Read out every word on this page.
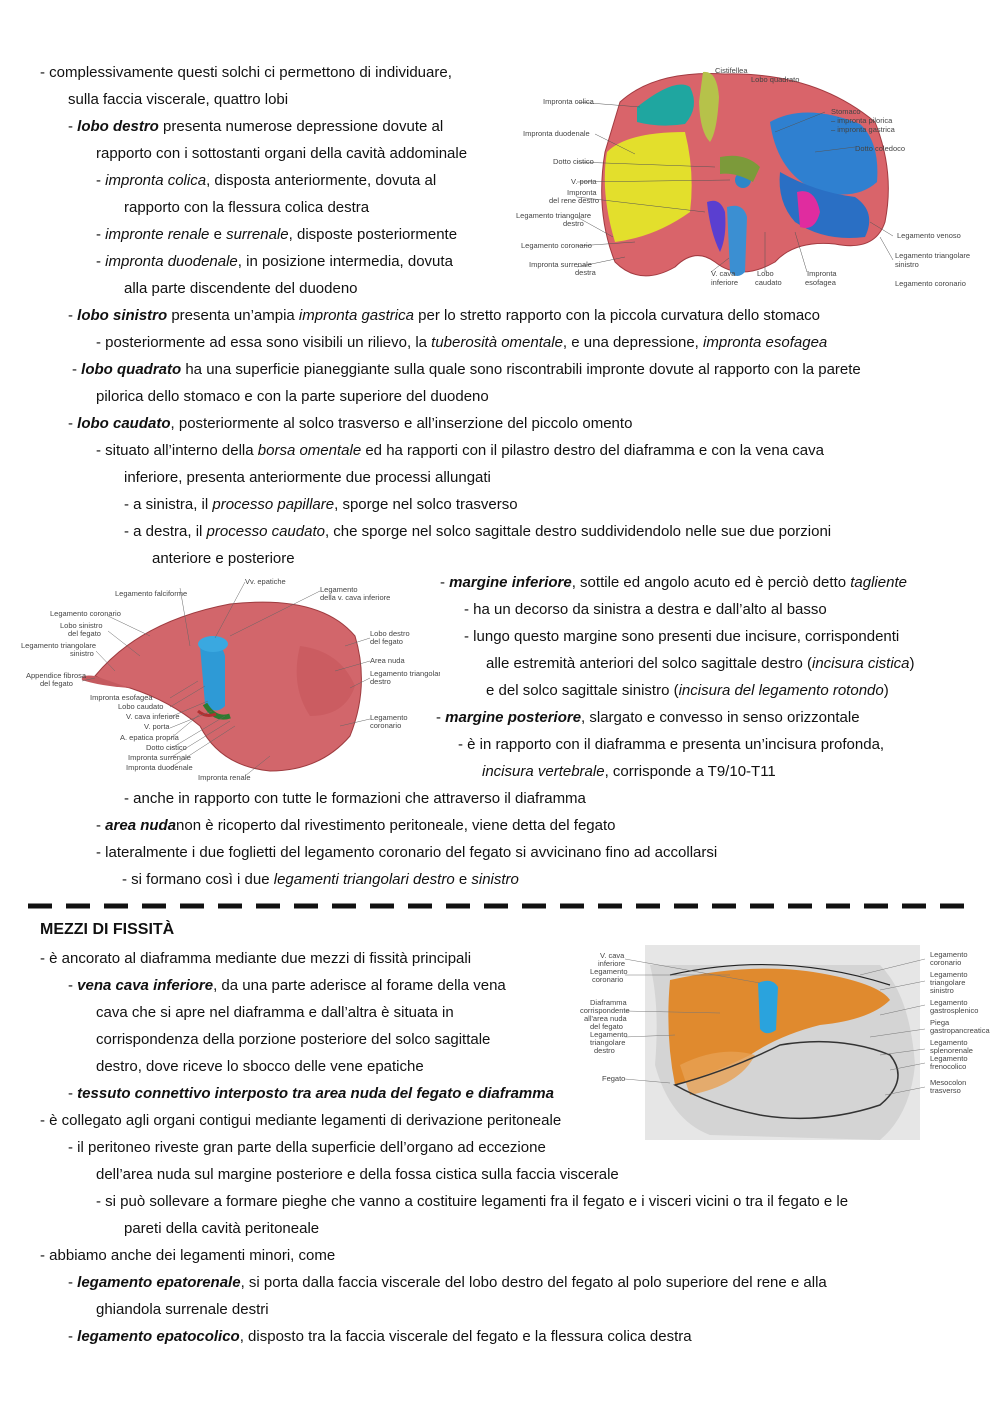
- complessivamente questi solchi ci permettono di individuare,
sulla faccia viscerale, quattro lobi
- lobo destro presenta numerose depressione dovute al
rapporto con i sottostanti organi della cavità addominale
- impronta colica, disposta anteriormente, dovuta al
rapporto con la flessura colica destra
- impronte renale e surrenale, disposte posteriormente
- impronta duodenale, in posizione intermedia, dovuta
alla parte discendente del duodeno
- lobo sinistro presenta un’ampia impronta gastrica per lo stretto rapporto con la piccola curvatura dello stomaco
- posteriormente ad essa sono visibili un rilievo, la tuberosità omentale, e una depressione, impronta esofagea
- lobo quadrato ha una superficie pianeggiante sulla quale sono riscontrabili impronte dovute al rapporto con la parete
pilorica dello stomaco e con la parte superiore del duodeno
- lobo caudato, posteriormente al solco trasverso e all’inserzione del piccolo omento
- situato all’interno della borsa omentale ed ha rapporti con il pilastro destro del diaframma e con la vena cava
inferiore, presenta anteriormente due processi allungati
- a sinistra, il processo papillare, sporge nel solco trasverso
- a destra, il processo caudato, che sporge nel solco sagittale destro suddividendolo nelle sue due porzioni
anteriore e posteriore
- margine inferiore, sottile ed angolo acuto ed è perciò detto tagliente
- ha un decorso da sinistra a destra e dall’alto al basso
- lungo questo margine sono presenti due incisure, corrispondenti
alle estremità anteriori del solco sagittale destro (incisura cistica)
e del solco sagittale sinistro (incisura del legamento rotondo)
- margine posteriore, slargato e convesso in senso orizzontale
- è in rapporto con il diaframma e presenta un’incisura profonda,
incisura vertebrale, corrisponde a T9/10-T11
- anche in rapporto con tutte le formazioni che attraverso il diaframma
- area nudanon è ricoperto dal rivestimento peritoneale, viene detta del fegato
- lateralmente i due foglietti del legamento coronario del fegato si avvicinano fino ad accollarsi
- si formano così i due legamenti triangolari destro e sinistro
MEZZI DI FISSITÀ
- è ancorato al diaframma mediante due mezzi di fissità principali
- vena cava inferiore, da una parte aderisce al forame della vena
cava che si apre nel diaframma e dall’altra è situata in
corrispondenza della porzione posteriore del solco sagittale
destro, dove riceve lo sbocco delle vene epatiche
- tessuto connettivo interposto tra area nuda del fegato e diaframma
- è collegato agli organi contigui mediante legamenti di derivazione peritoneale
- il peritoneo riveste gran parte della superficie dell’organo ad eccezione
dell’area nuda sul margine posteriore e della fossa cistica sulla faccia viscerale
- si può sollevare a formare pieghe che vanno a costituire legamenti fra il fegato e i visceri vicini o tra il fegato e le
pareti della cavità peritoneale
- abbiamo anche dei legamenti minori, come
- legamento epatorenale, si porta dalla faccia viscerale del lobo destro del fegato al polo superiore del rene e alla
ghiandola surrenale destri
- legamento epatocolico, disposto tra la faccia viscerale del fegato e la flessura colica destra
Cistifellea
Lobo quadrato
Impronta colica
Stomaco
– impronta pilorica
– impronta gastrica
Impronta duodenale
Dotto coledoco
Dotto cistico
V. porta
Impronta
del rene destro
Legamento triangolare
destro
Legamento coronario
Impronta surrenale
destra
Legamento venoso
V. cava
inferiore
Lobo
caudato
Impronta
esofagea
Legamento triangolare
sinistro
Legamento coronario
Vv. epatiche
Legamento falciforme	Legamento
della v. cava inferiore
Legamento coronario
Lobo sinistro
del fegato
Legamento triangolare
sinistro
Lobo destro
del fegato
Appendice fibrosa
del fegato
Area nuda
Legamento triangolare
destro
Impronta esofagea
Lobo caudato
V. cava inferiore
V. porta
A. epatica propria
Dotto cistico
Impronta surrenale
Impronta duodenale
Legamento
coronario
Impronta renale
V. cava
inferiore
Legamento
coronario
Diaframma
corrispondente
all'area nuda
del fegato
Legamento
triangolare
destro
Fegato
Legamento
coronario
Legamento
triangolare
sinistro
Legamento
gastrosplenico
Piega
gastropancreatica
Legamento
splenorenale
Legamento
frenocolico
Mesocolon
trasverso
